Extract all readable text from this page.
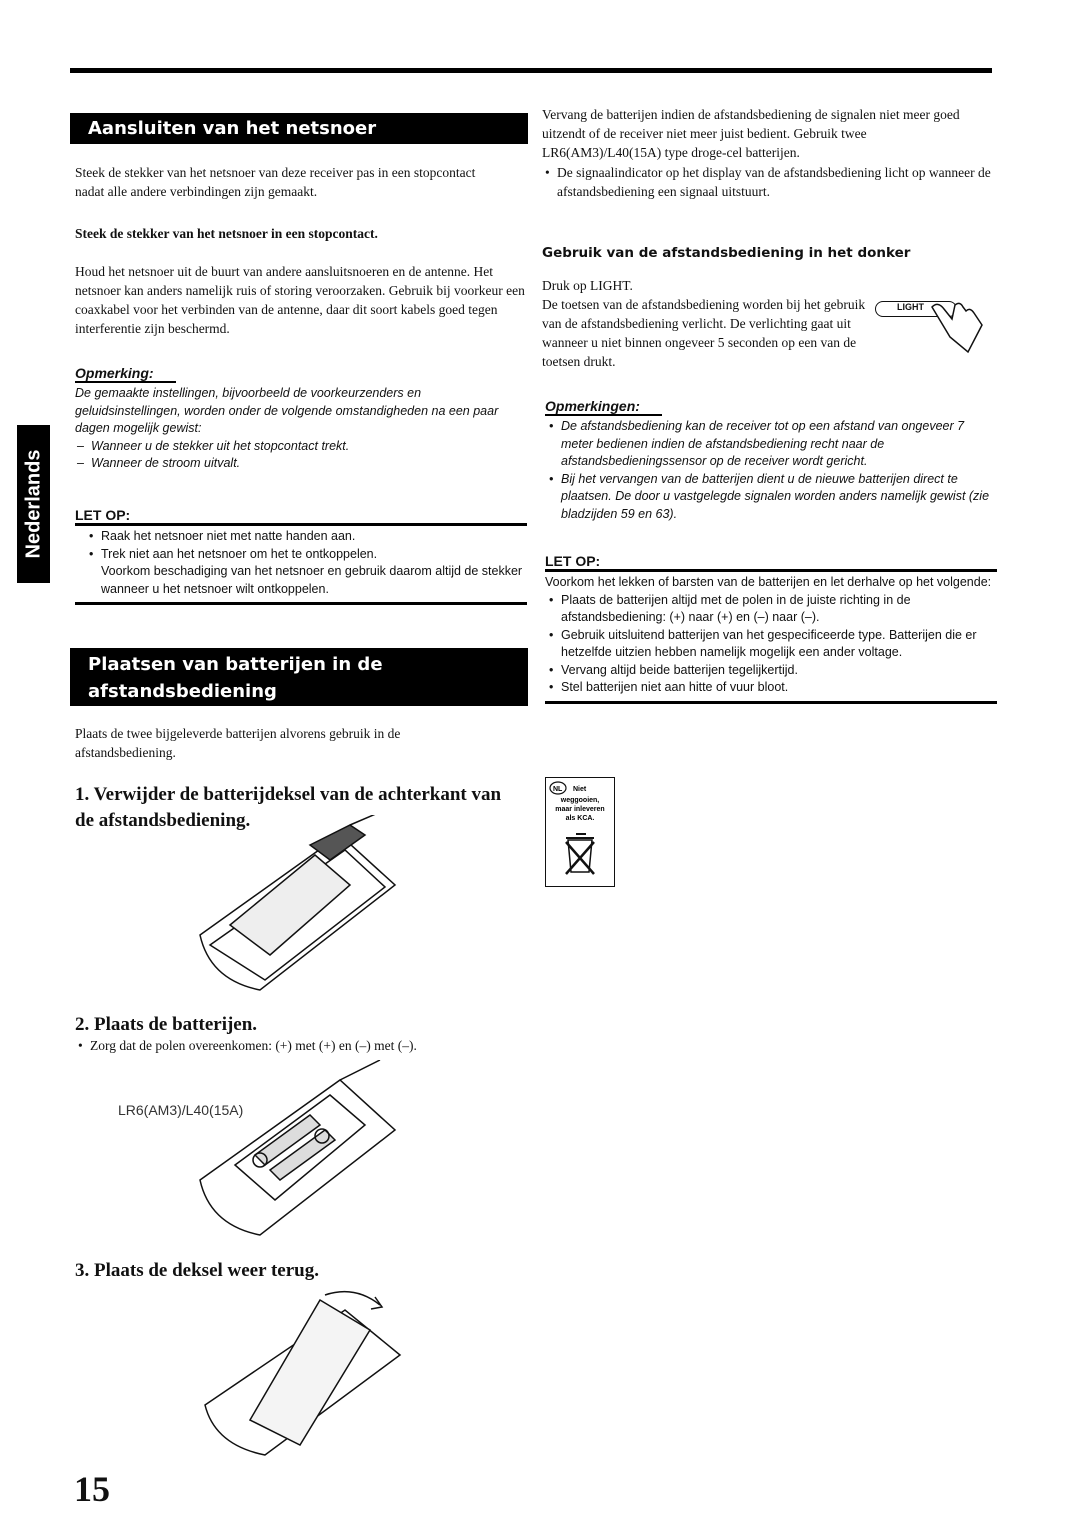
Nederlands
Aansluiten van het netsnoer
Steek de stekker van het netsnoer van deze receiver pas in een stopcontact nadat alle andere verbindingen zijn gemaakt.
Steek de stekker van het netsnoer in een stopcontact.
Houd het netsnoer uit de buurt van andere aansluitsnoeren en de antenne. Het netsnoer kan anders namelijk ruis of storing veroorzaken. Gebruik bij voorkeur een coaxkabel voor het verbinden van de antenne, daar dit soort kabels goed tegen interferentie zijn beschermd.
Opmerking:
De gemaakte instellingen, bijvoorbeeld de voorkeurzenders en geluidsinstellingen, worden onder de volgende omstandigheden na een paar dagen mogelijk gewist:
– Wanneer u de stekker uit het stopcontact trekt.
– Wanneer de stroom uitvalt.
LET OP:
• Raak het netsnoer niet met natte handen aan.
• Trek niet aan het netsnoer om het te ontkoppelen.
Voorkom beschadiging van het netsnoer en gebruik daarom altijd de stekker wanneer u het netsnoer wilt ontkoppelen.
Plaatsen van batterijen in de
afstandsbediening
Plaats de twee bijgeleverde batterijen alvorens gebruik in de afstandsbediening.
1. Verwijder de batterijdeksel van de achterkant van de afstandsbediening.
2. Plaats de batterijen.
• Zorg dat de polen overeenkomen: (+) met (+) en (–) met (–).
LR6(AM3)/L40(15A)
3. Plaats de deksel weer terug.
15
Vervang de batterijen indien de afstandsbediening de signalen niet meer goed uitzendt of de receiver niet meer juist bedient. Gebruik twee LR6(AM3)/L40(15A) type droge-cel batterijen.
• De signaalindicator op het display van de afstandsbediening licht op wanneer de afstandsbediening een signaal uitstuurt.
Gebruik van de afstandsbediening in het donker
Druk op LIGHT.
De toetsen van de afstandsbediening worden bij het gebruik van de afstandsbediening verlicht. De verlichting gaat uit wanneer u niet binnen ongeveer 5 seconden op een van de toetsen drukt.
LIGHT
Opmerkingen:
• De afstandsbediening kan de receiver tot op een afstand van ongeveer 7 meter bedienen indien de afstandsbediening recht naar de afstandsbedieningssensor op de receiver wordt gericht.
• Bij het vervangen van de batterijen dient u de nieuwe batterijen direct te plaatsen. De door u vastgelegde signalen worden anders namelijk gewist (zie bladzijden 59 en 63).
LET OP:
Voorkom het lekken of barsten van de batterijen en let derhalve op het volgende:
• Plaats de batterijen altijd met de polen in de juiste richting in de afstandsbediening: (+) naar (+) en (–) naar (–).
• Gebruik uitsluitend batterijen van het gespecificeerde type. Batterijen die er hetzelfde uitzien hebben namelijk mogelijk een ander voltage.
• Vervang altijd beide batterijen tegelijkertijd.
• Stel batterijen niet aan hitte of vuur bloot.
NL Niet
weggooien,
maar inleveren
als KCA.
